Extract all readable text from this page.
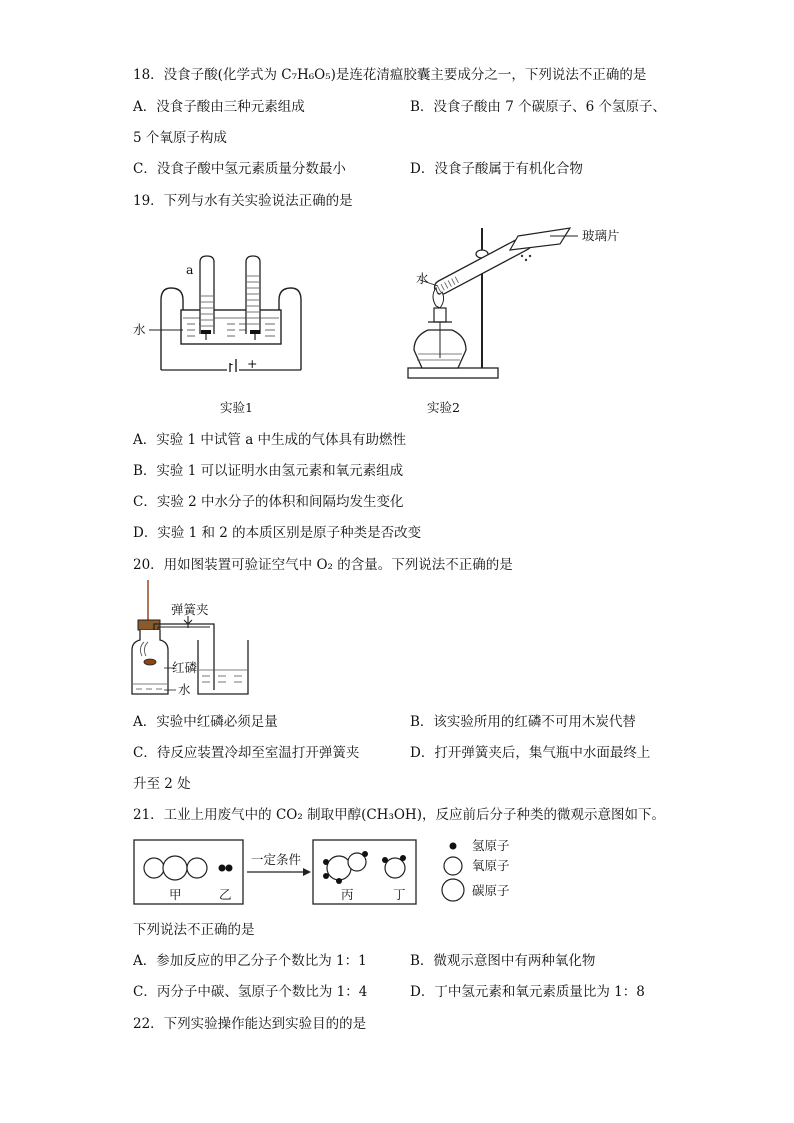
18．没食子酸(化学式为 C₇H₆O₅)是连花清瘟胶囊主要成分之一，下列说法不正确的是
A．没食子酸由三种元素组成	B．没食子酸由 7 个碳原子、6 个氢原子、
5 个氧原子构成
C．没食子酸中氢元素质量分数最小	D．没食子酸属于有机化合物
19．下列与水有关实验说法正确的是
a
水
- +
实验1
玻璃片
水
实验2
A．实验 1 中试管 a 中生成的气体具有助燃性
B．实验 1 可以证明水由氢元素和氧元素组成
C．实验 2 中水分子的体积和间隔均发生变化
D．实验 1 和 2 的本质区别是原子种类是否改变
20．用如图装置可验证空气中 O₂ 的含量。下列说法不正确的是
弹簧夹
红磷
水
A．实验中红磷必须足量	B．该实验所用的红磷不可用木炭代替
C．待反应装置冷却至室温打开弹簧夹	D．打开弹簧夹后，集气瓶中水面最终上
升至 2 处
21．工业上用废气中的 CO₂ 制取甲醇(CH₃OH)，反应前后分子种类的微观示意图如下。
甲	乙
一定条件
丙	丁
氢原子
氧原子
碳原子
下列说法不正确的是
A．参加反应的甲乙分子个数比为 1：1	B．微观示意图中有两种氧化物
C．丙分子中碳、氢原子个数比为 1：4	D．丁中氢元素和氧元素质量比为 1：8
22．下列实验操作能达到实验目的的是
